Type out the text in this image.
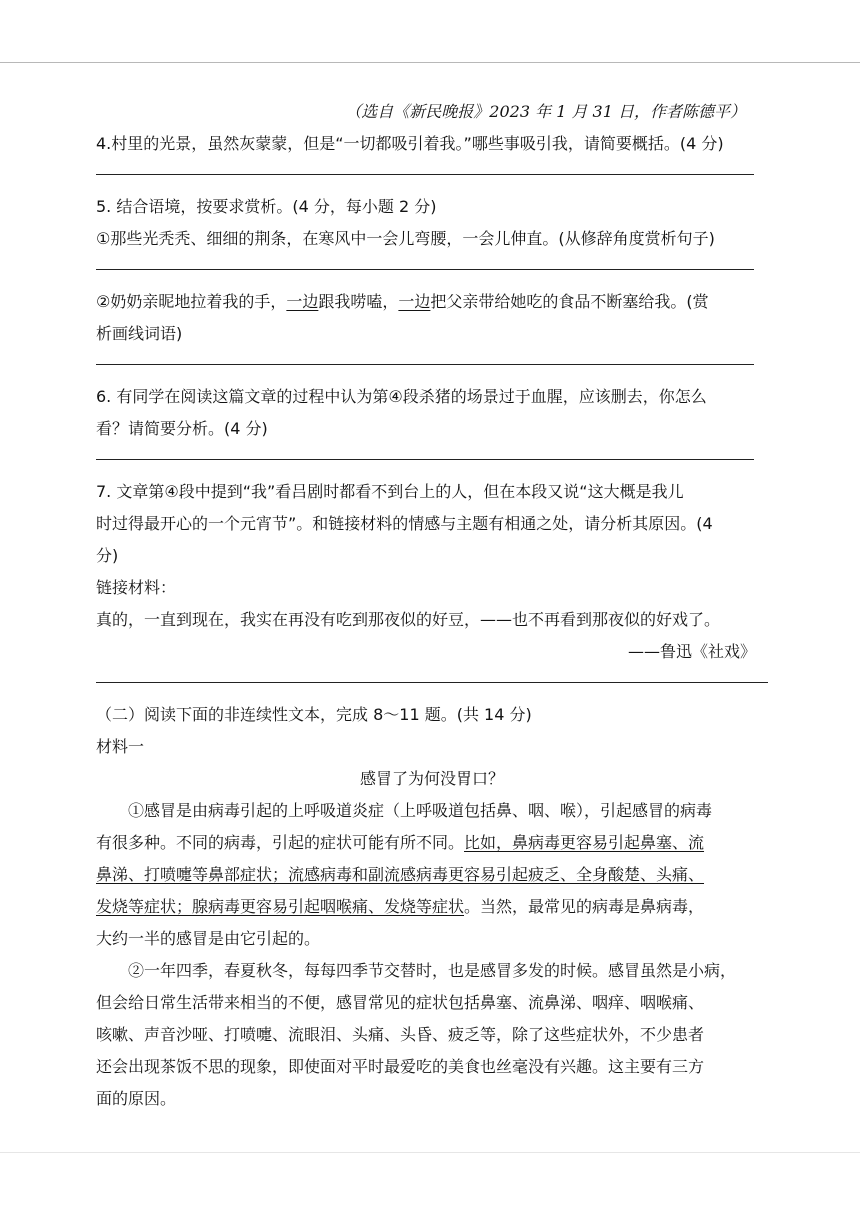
（选自《新民晚报》2023 年 1 月 31 日，作者陈德平）
4.村里的光景，虽然灰蒙蒙，但是“一切都吸引着我。”哪些事吸引我，请简要概括。(4 分)
5. 结合语境，按要求赏析。(4 分，每小题 2 分)
①那些光秃秃、细细的荆条，在寒风中一会儿弯腰，一会儿伸直。(从修辞角度赏析句子)
②奶奶亲昵地拉着我的手，一边跟我唠嗑，一边把父亲带给她吃的食品不断塞给我。(赏
析画线词语)
6. 有同学在阅读这篇文章的过程中认为第④段杀猪的场景过于血腥，应该删去，你怎么
看？请简要分析。(4 分)
7. 文章第④段中提到“我”看吕剧时都看不到台上的人，但在本段又说“这大概是我儿
时过得最开心的一个元宵节”。和链接材料的情感与主题有相通之处，请分析其原因。(4
分)
链接材料：
真的，一直到现在，我实在再没有吃到那夜似的好豆，——也不再看到那夜似的好戏了。
——鲁迅《社戏》
（二）阅读下面的非连续性文本，完成 8～11 题。(共 14 分)
材料一
感冒了为何没胃口？
①感冒是由病毒引起的上呼吸道炎症（上呼吸道包括鼻、咽、喉），引起感冒的病毒
有很多种。不同的病毒，引起的症状可能有所不同。比如，鼻病毒更容易引起鼻塞、流
鼻涕、打喷嚏等鼻部症状；流感病毒和副流感病毒更容易引起疲乏、全身酸楚、头痛、
发烧等症状；腺病毒更容易引起咽喉痛、发烧等症状。当然，最常见的病毒是鼻病毒，
大约一半的感冒是由它引起的。
②一年四季，春夏秋冬，每每四季节交替时，也是感冒多发的时候。感冒虽然是小病，
但会给日常生活带来相当的不便，感冒常见的症状包括鼻塞、流鼻涕、咽痒、咽喉痛、
咳嗽、声音沙哑、打喷嚏、流眼泪、头痛、头昏、疲乏等，除了这些症状外，不少患者
还会出现茶饭不思的现象，即使面对平时最爱吃的美食也丝毫没有兴趣。这主要有三方
面的原因。
